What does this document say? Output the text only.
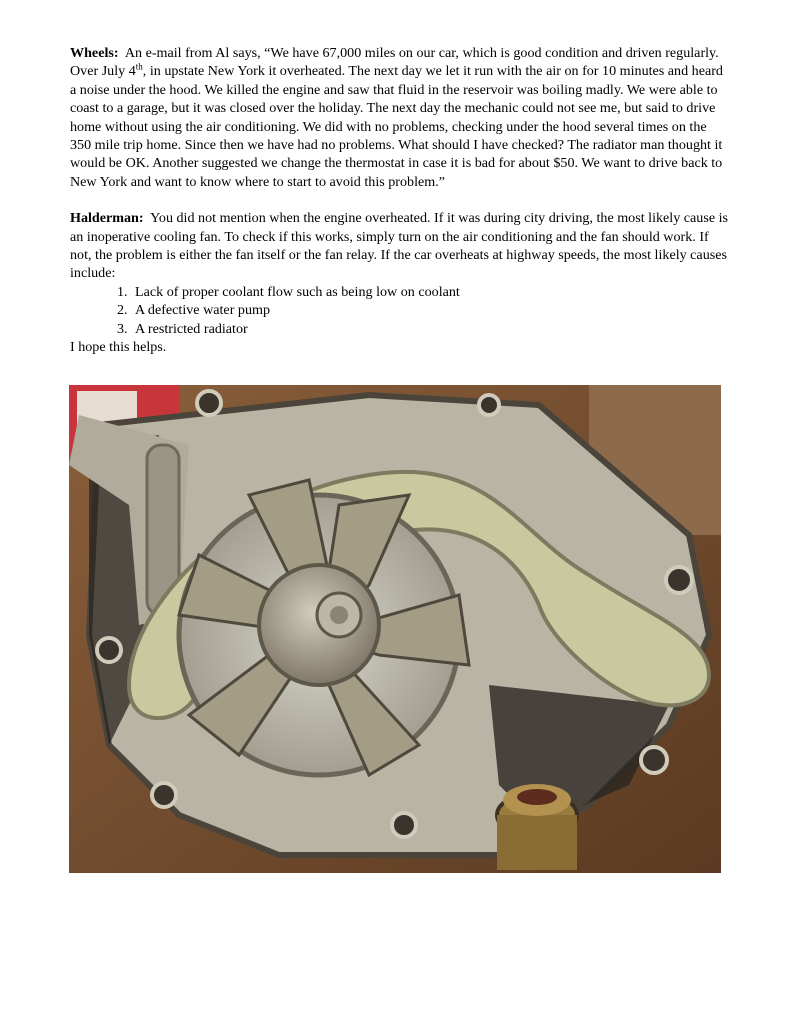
Wheels: An e-mail from Al says, “We have 67,000 miles on our car, which is good condition and driven regularly. Over July 4th, in upstate New York it overheated. The next day we let it run with the air on for 10 minutes and heard a noise under the hood. We killed the engine and saw that fluid in the reservoir was boiling madly. We were able to coast to a garage, but it was closed over the holiday. The next day the mechanic could not see me, but said to drive home without using the air conditioning. We did with no problems, checking under the hood several times on the 350 mile trip home. Since then we have had no problems. What should I have checked? The radiator man thought it would be OK. Another suggested we change the thermostat in case it is bad for about $50. We want to drive back to New York and want to know where to start to avoid this problem.”

Halderman: You did not mention when the engine overheated. If it was during city driving, the most likely cause is an inoperative cooling fan. To check if this works, simply turn on the air conditioning and the fan should work. If not, the problem is either the fan itself or the fan relay. If the car overheats at highway speeds, the most likely causes include:

1. Lack of proper coolant flow such as being low on coolant
2. A defective water pump
3. A restricted radiator

I hope this helps.
